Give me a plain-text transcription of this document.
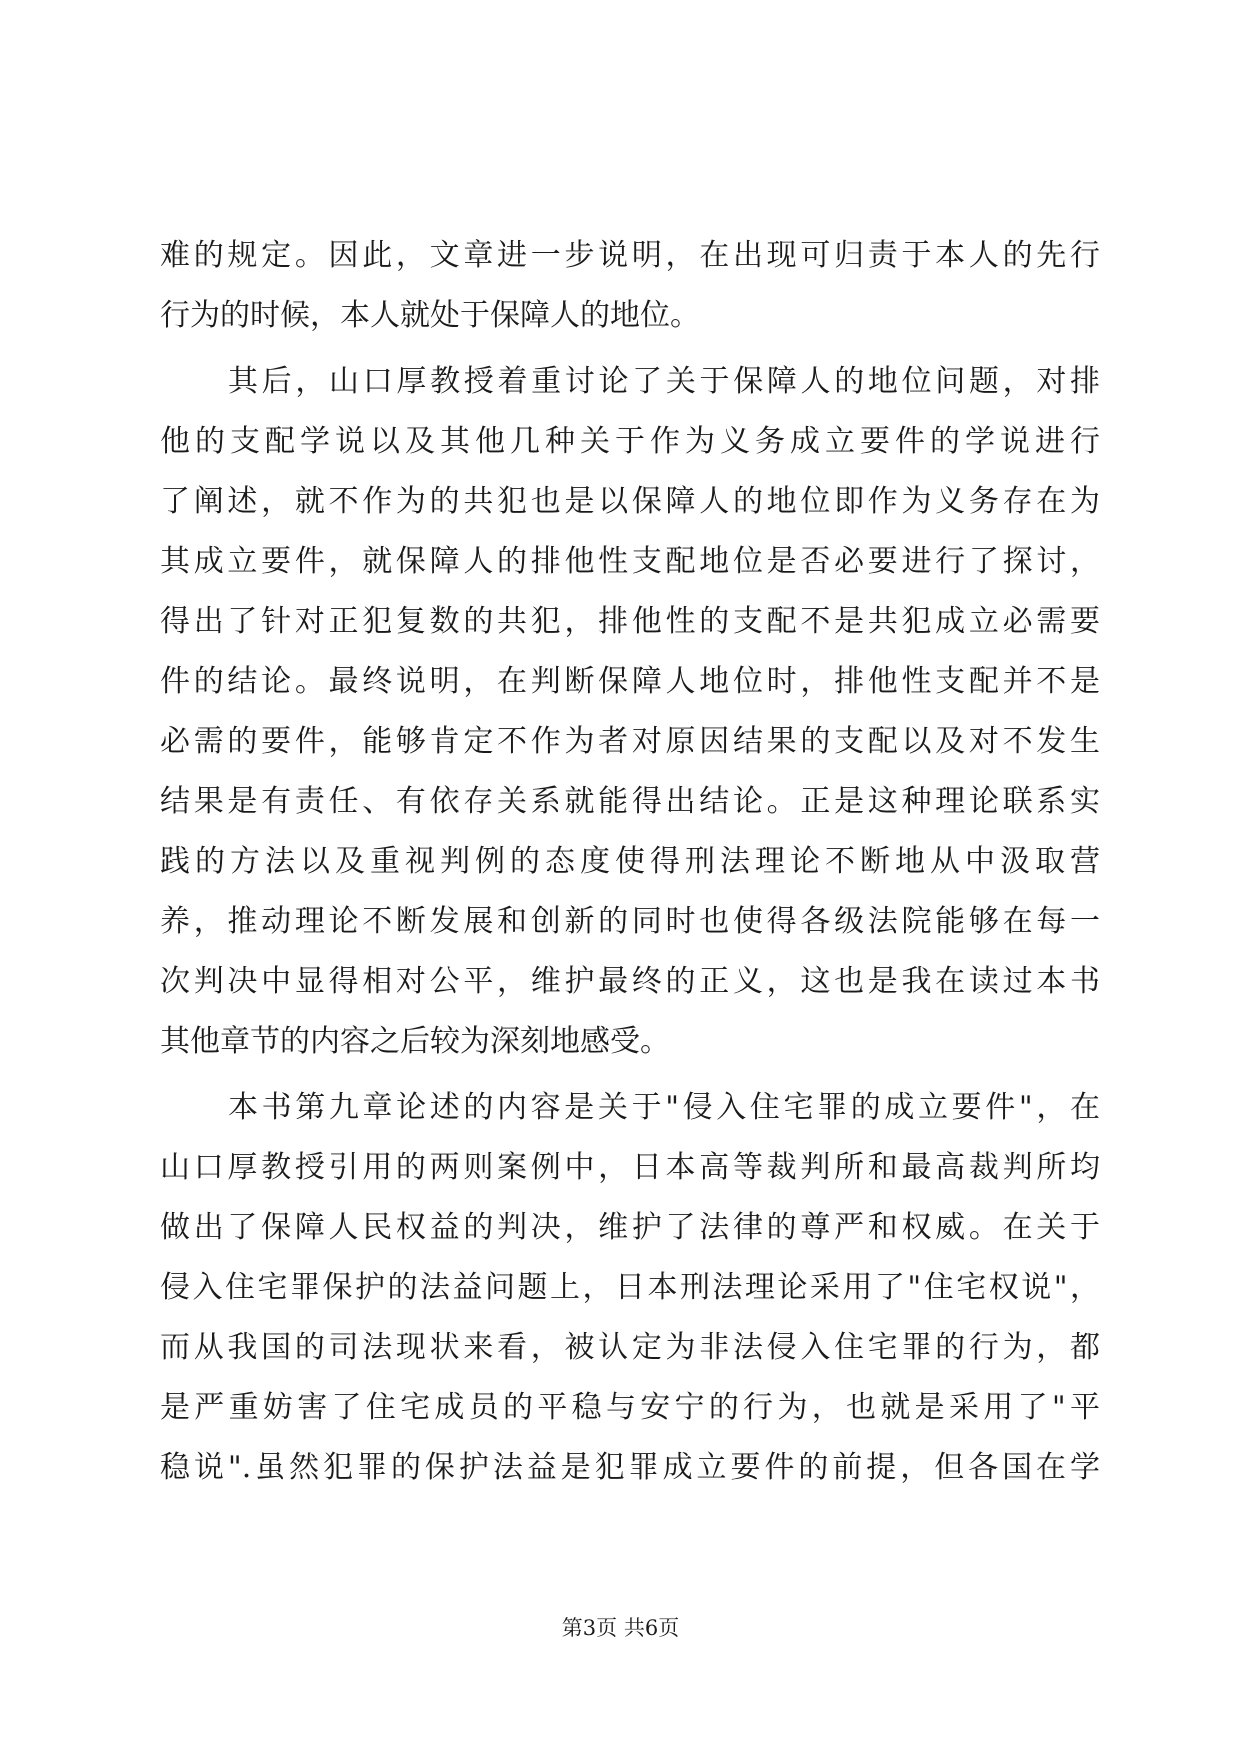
难的规定。因此，文章进一步说明，在出现可归责于本人的先行
行为的时候，本人就处于保障人的地位。
其后，山口厚教授着重讨论了关于保障人的地位问题，对排
他的支配学说以及其他几种关于作为义务成立要件的学说进行
了阐述，就不作为的共犯也是以保障人的地位即作为义务存在为
其成立要件，就保障人的排他性支配地位是否必要进行了探讨，
得出了针对正犯复数的共犯，排他性的支配不是共犯成立必需要
件的结论。最终说明，在判断保障人地位时，排他性支配并不是
必需的要件，能够肯定不作为者对原因结果的支配以及对不发生
结果是有责任、有依存关系就能得出结论。正是这种理论联系实
践的方法以及重视判例的态度使得刑法理论不断地从中汲取营
养，推动理论不断发展和创新的同时也使得各级法院能够在每一
次判决中显得相对公平，维护最终的正义，这也是我在读过本书
其他章节的内容之后较为深刻地感受。
本书第九章论述的内容是关于"侵入住宅罪的成立要件"，在
山口厚教授引用的两则案例中，日本高等裁判所和最高裁判所均
做出了保障人民权益的判决，维护了法律的尊严和权威。在关于
侵入住宅罪保护的法益问题上，日本刑法理论采用了"住宅权说"，
而从我国的司法现状来看，被认定为非法侵入住宅罪的行为，都
是严重妨害了住宅成员的平稳与安宁的行为，也就是采用了"平
稳说".虽然犯罪的保护法益是犯罪成立要件的前提，但各国在学
第3页 共6页
